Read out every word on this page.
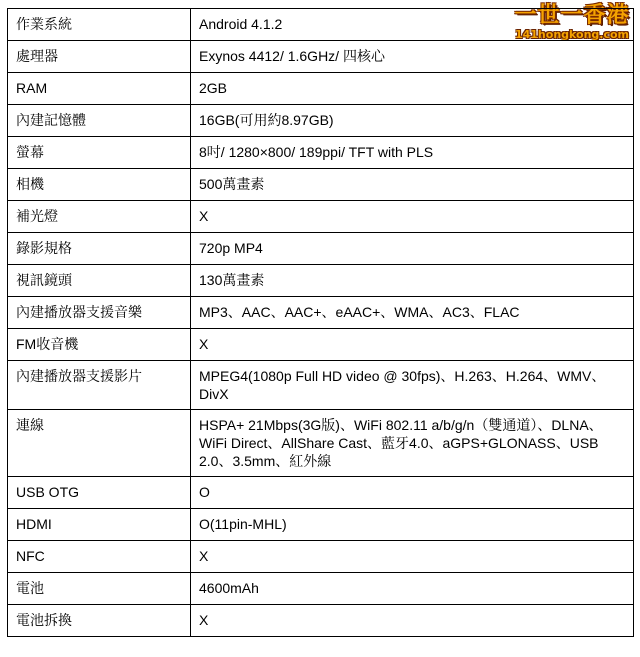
一世一香港
141hongkong.com
作業系統	Android 4.1.2
處理器	Exynos 4412/ 1.6GHz/ 四核心
RAM	2GB
內建記憶體	16GB(可用約8.97GB)
螢幕	8吋/ 1280×800/ 189ppi/ TFT with PLS
相機	500萬畫素
補光燈	X
錄影規格	720p MP4
視訊鏡頭	130萬畫素
內建播放器支援音樂	MP3、AAC、AAC+、eAAC+、WMA、AC3、FLAC
FM收音機	X
內建播放器支援影片	MPEG4(1080p Full HD video @ 30fps)、H.263、H.264、WMV、DivX
連線	HSPA+ 21Mbps(3G版)、WiFi 802.11 a/b/g/n（雙通道）、DLNA、WiFi Direct、AllShare Cast、藍牙4.0、aGPS+GLONASS、USB 2.0、3.5mm、紅外線
USB OTG	O
HDMI	O(11pin-MHL)
NFC	X
電池	4600mAh
電池拆換	X
